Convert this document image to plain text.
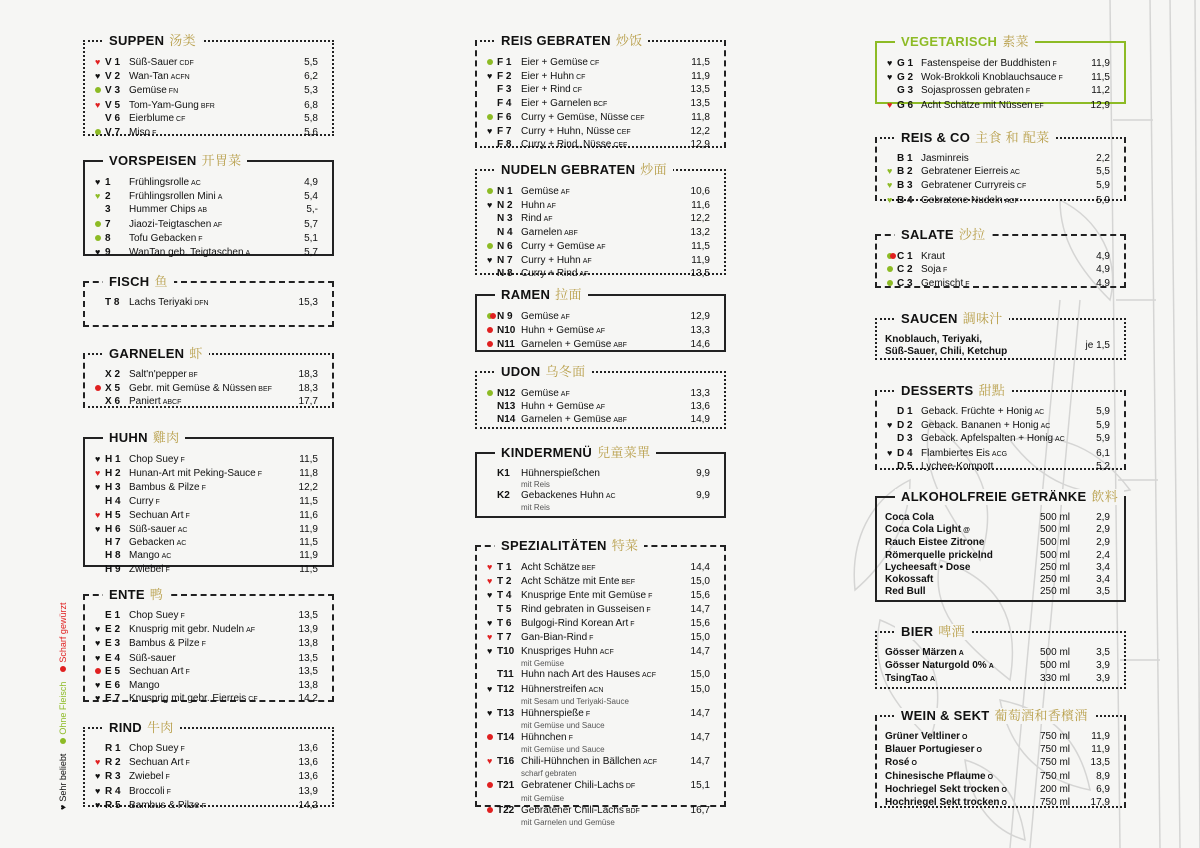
♥
Sehr beliebt
Ohne Fleisch
Scharf gewürzt
SUPPEN 汤类
♥ V 1 Süß-Sauer CDF	5,5
♥ V 2 Wan-Tan ACFN	6,2
V 3 Gemüse FN	5,3
♥ V 5 Tom-Yam-Gung BFR	6,8
V 6 Eierblume CF	5,8
V 7 Miso F	5,6
VORSPEISEN 开胃菜
♥ 1	Frühlingsrolle AC	4,9
♥ 2	Frühlingsrollen Mini A	5,4
3	Hummer Chips AB	5,-
7	Jiaozi-Teigtaschen AF	5,7
8	Tofu Gebacken F	5,1
♥ 9	WanTan geb. Teigtaschen A	5,7
FISCH 鱼
T 8 Lachs Teriyaki DFN	15,3
GARNELEN 虾
X 2 Salt'n'pepper BF	18,3
X 5 Gebr. mit Gemüse & Nüssen BEF	18,3
X 6 Paniert ABCF	17,7
HUHN 雞肉
♥ H 1 Chop Suey F	11,5
♥ H 2 Hunan-Art mit Peking-Sauce F	11,8
♥ H 3 Bambus & Pilze F	12,2
H 4 Curry F	11,5
♥ H 5 Sechuan Art F	11,6
♥ H 6 Süß-sauer AC	11,9
H 7 Gebacken AC	11,5
H 8 Mango AC	11,9
H 9 Zwiebel F	11,5
ENTE 鸭
E 1 Chop Suey F	13,5
♥ E 2 Knusprig mit gebr. Nudeln AF	13,9
♥ E 3 Bambus & Pilze F	13,8
♥ E 4 Süß-sauer	13,5
E 5 Sechuan Art F	13,5
♥ E 6 Mango	13,8
♥ E 7 Knusprig mit gebr. Eierreis CF	14,2
RIND 牛肉
R 1 Chop Suey F	13,6
♥ R 2 Sechuan Art F	13,6
♥ R 3 Zwiebel F	13,6
♥ R 4 Broccoli F	13,9
♥ R 5 Bambus & Pilze F	14,2
REIS GEBRATEN 炒饭
F 1 Eier + Gemüse CF	11,5
♥ F 2 Eier + Huhn CF	11,9
F 3 Eier + Rind CF	13,5
F 4 Eier + Garnelen BCF	13,5
F 6 Curry + Gemüse, Nüsse CEF	11,8
♥ F 7 Curry + Huhn, Nüsse CEF	12,2
F 8 Curry + Rind, Nüsse CEF	12,9
NUDELN GEBRATEN 炒面
N 1 Gemüse AF	10,6
♥ N 2 Huhn AF	11,6
N 3 Rind AF	12,2
N 4 Garnelen ABF	13,2
N 6 Curry + Gemüse AF	11,5
♥ N 7 Curry + Huhn AF	11,9
N 8 Curry + Rind AF	13,5
RAMEN 拉面
N 9 Gemüse AF	12,9
N10 Huhn + Gemüse AF	13,3
N11 Garnelen + Gemüse ABF	14,6
UDON 乌冬面
N12 Gemüse AF	13,3
N13 Huhn + Gemüse AF	13,6
N14 Garnelen + Gemüse ABF	14,9
KINDERMENÜ 兒童菜單
K1	Hühnerspießchen	9,9
mit Reis
K2	Gebackenes Huhn AC	9,9
mit Reis
SPEZIALITÄTEN 特菜
♥ T 1 Acht Schätze BEF	14,4
♥ T 2 Acht Schätze mit Ente BEF	15,0
♥ T 4 Knusprige Ente mit Gemüse F	15,6
T 5 Rind gebraten in Gusseisen F	14,7
♥ T 6 Bulgogi-Rind Korean Art F	15,6
♥ T 7 Gan-Bian-Rind F	15,0
♥ T10 Knuspriges Huhn ACF	14,7
mit Gemüse
T11 Huhn nach Art des Hauses ACF	15,0
♥ T12 Hühnerstreifen ACN	15,0
mit Sesam und Teriyaki-Sauce
♥ T13 Hühnerspieße F	14,7
mit Gemüse und Sauce
T14 Hühnchen F	14,7
mit Gemüse und Sauce
♥ T16 Chili-Hühnchen in Bällchen ACF	14,7
scharf gebraten
T21 Gebratener Chili-Lachs DF	15,1
mit Gemüse
T22 Gebratener Chili-Lachs BDF	16,7
mit Garnelen und Gemüse
VEGETARISCH 素菜
♥ G 1 Fastenspeise der Buddhisten F	11,9
♥ G 2 Wok-Brokkoli Knoblauchsauce F	11,5
G 3 Sojasprossen gebraten F	11,2
♥ G 6 Acht Schätze mit Nüssen EF	12,9
REIS & CO 主食 和 配菜
B 1 Jasminreis	2,2
♥ B 2 Gebratener Eierreis AC	5,5
♥ B 3 Gebratener Curryreis CF	5,9
♥ B 4 Gebratene Nudeln ACF	5,9
SALATE 沙拉
C 1 Kraut	4,9
C 2 Soja F	4,9
C 3 Gemischt F	4,9
SAUCEN 調味汁
Knoblauch, Teriyaki,
Süß-Sauer, Chili, Ketchup
je 1,5
DESSERTS 甜點
D 1 Geback. Früchte + Honig AC	5,9
♥ D 2 Geback. Bananen + Honig AC	5,9
D 3 Geback. Apfelspalten + Honig AC	5,9
♥ D 4 Flambiertes Eis ACG	6,1
D 5 Lychee-Kompott	5,2
ALKOHOLFREIE GETRÄNKE 飲料
Coca Cola	500 ml	2,9
Coca Cola Light @	500 ml	2,9
Rauch Eistee Zitrone	500 ml	2,9
Römerquelle prickelnd	500 ml	2,4
Lycheesaft • Dose	250 ml	3,4
Kokossaft	250 ml	3,4
Red Bull	250 ml	3,5
BIER 啤酒
Gösser Märzen A	500 ml	3,5
Gösser Naturgold 0% A	500 ml	3,9
TsingTao A	330 ml	3,9
WEIN & SEKT 葡萄酒和香檳酒
Grüner Veltliner O	750 ml	11,9
Blauer Portugieser O	750 ml	11,9
Rosé O	750 ml	13,5
Chinesische Pflaume O	750 ml	8,9
Hochriegel Sekt trocken O	200 ml	6,9
Hochriegel Sekt trocken O	750 ml	17,9
